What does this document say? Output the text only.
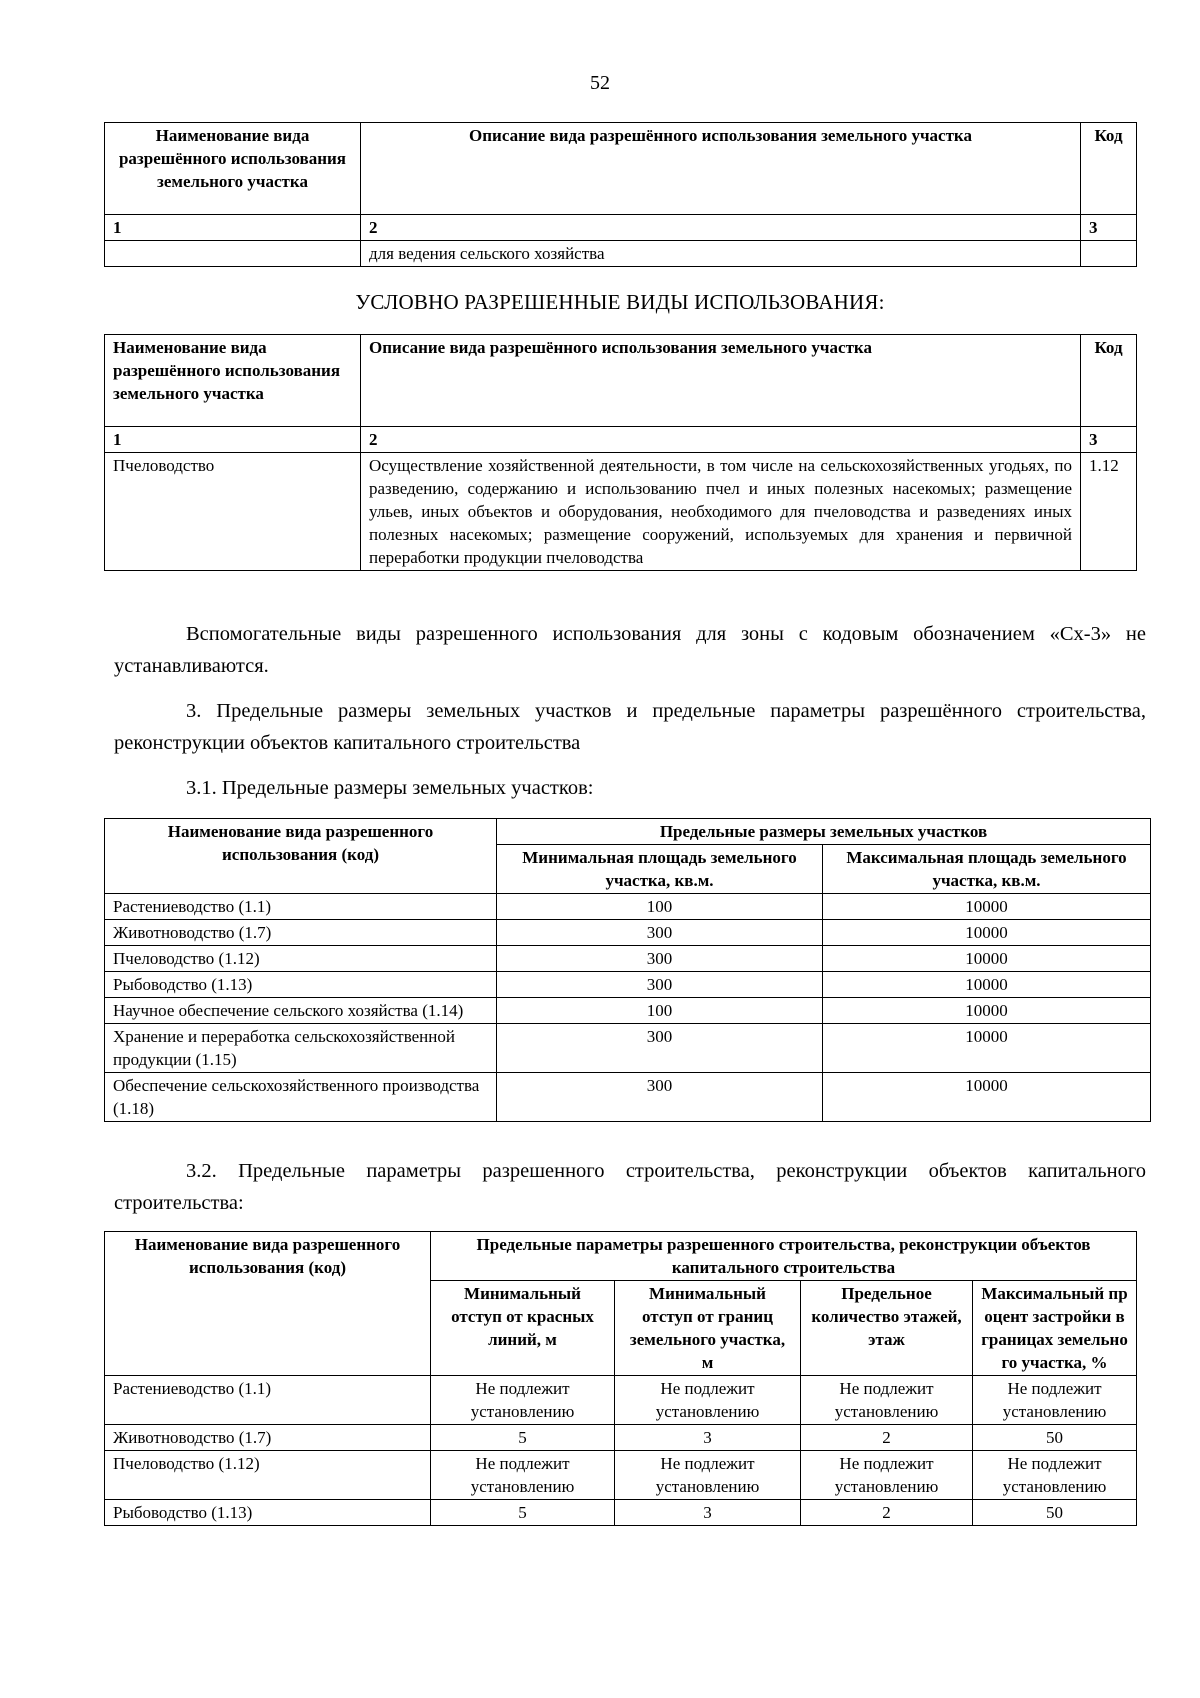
52
Наименование вида разрешённого использования земельного участка	Описание вида разрешённого использования земельного участка	Код
1	2	3
	для ведения сельского хозяйства	
УСЛОВНО РАЗРЕШЕННЫЕ ВИДЫ ИСПОЛЬЗОВАНИЯ:
Наименование вида разрешённого использования земельного участка	Описание вида разрешённого использования земельного участка	Код
1	2	3
Пчеловодство	Осуществление хозяйственной деятельности, в том числе на сельскохозяйственных угодьях, по разведению, содержанию и использованию пчел и иных полезных насекомых; размещение ульев, иных объектов и оборудования, необходимого для пчеловодства и разведениях иных полезных насекомых; размещение сооружений, используемых для хранения и первичной переработки продукции пчеловодства	1.12
Вспомогательные виды разрешенного использования для зоны с кодовым обозначением «Сх-3» не устанавливаются.
3. Предельные размеры земельных участков и предельные параметры разрешённого строительства, реконструкции объектов капитального строительства
3.1. Предельные размеры земельных участков:
Наименование вида разрешенного использования (код)	Предельные размеры земельных участков	
	Минимальная площадь земельного участка, кв.м.	Максимальная площадь земельного участка, кв.м.
Растениеводство (1.1)	100	10000
Животноводство (1.7)	300	10000
Пчеловодство (1.12)	300	10000
Рыбоводство (1.13)	300	10000
Научное обеспечение сельского хозяйства (1.14)	100	10000
Хранение и переработка сельскохозяйственной продукции (1.15)	300	10000
Обеспечение сельскохозяйственного производства (1.18)	300	10000
3.2. Предельные параметры разрешенного строительства, реконструкции объектов капитального строительства:
Наименование вида разрешенного использования (код)	Предельные параметры разрешенного строительства, реконструкции объектов капитального строительства			
	Минимальный отступ от красных линий, м	Минимальный отступ от границ земельного участка, м	Предельное количество этажей, этаж	Максимальный процент застройки в границах земельного участка, %
Растениеводство (1.1)	Не подлежит установлению	Не подлежит установлению	Не подлежит установлению	Не подлежит установлению
Животноводство (1.7)	5	3	2	50
Пчеловодство (1.12)	Не подлежит установлению	Не подлежит установлению	Не подлежит установлению	Не подлежит установлению
Рыбоводство (1.13)	5	3	2	50
